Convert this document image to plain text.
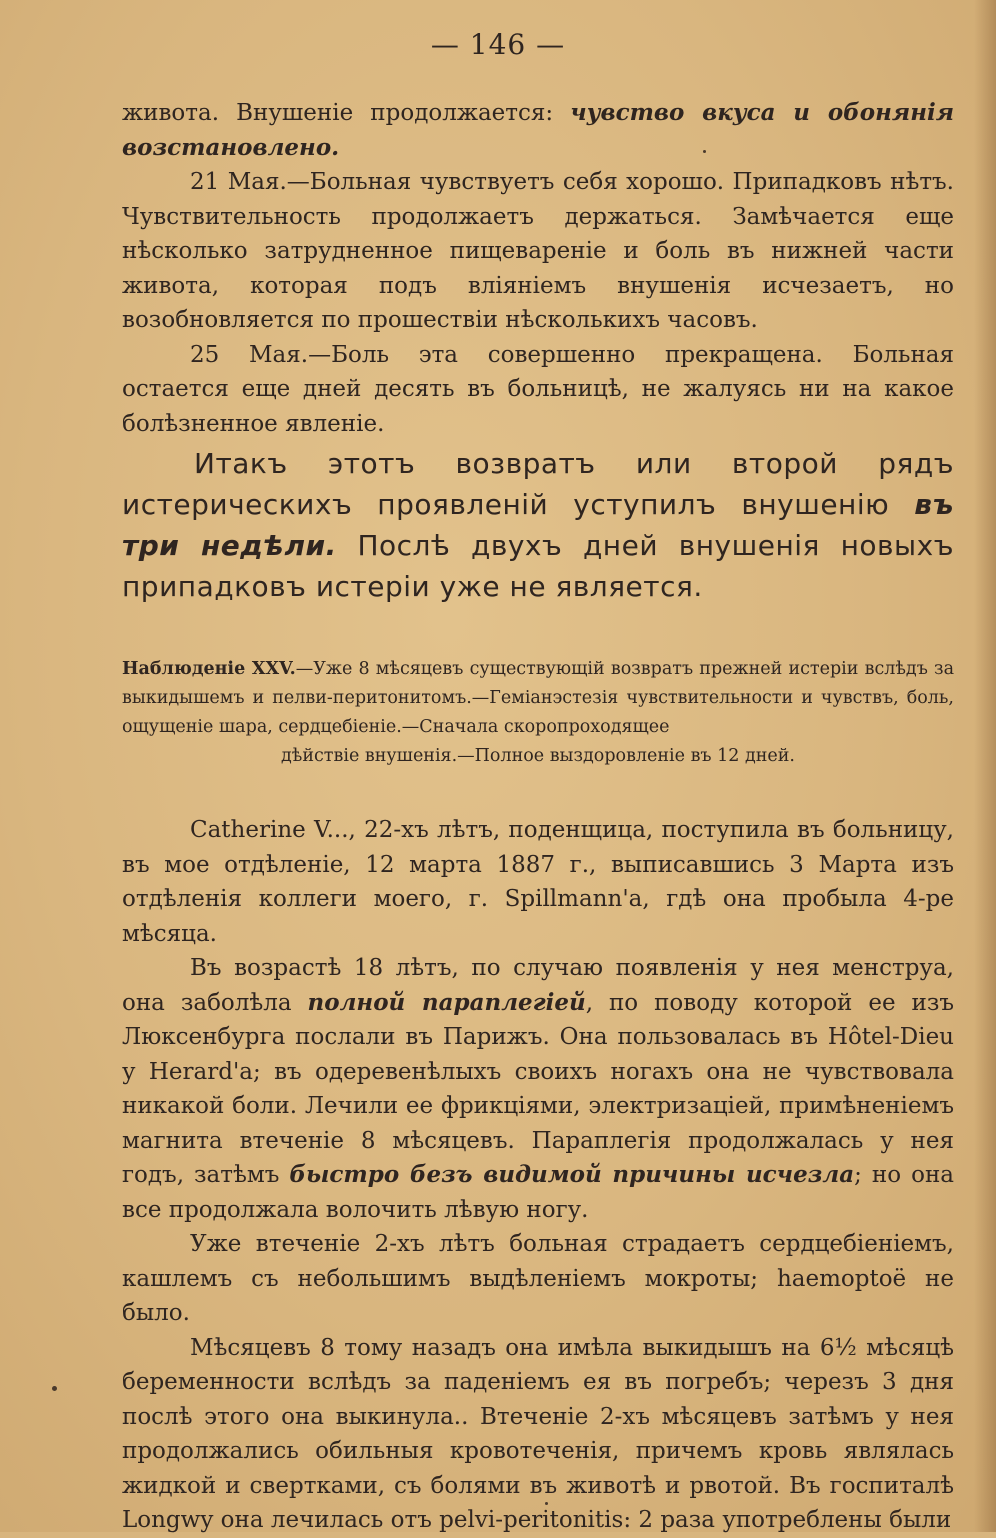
— 146 —

живота. Внушеніе продолжается: чувство вкуса и обонянія возстановлено.

21 Мая.—Больная чувствуетъ себя хорошо. Припадковъ нѣтъ. Чувствительность продолжаетъ держаться. Замѣчается еще нѣсколько затрудненное пищевареніе и боль въ нижней части живота, которая подъ вліяніемъ внушенія исчезаетъ, но возобновляется по прошествіи нѣсколькихъ часовъ.

25 Мая.—Боль эта совершенно прекращена. Больная остается еще дней десять въ больницѣ, не жалуясь ни на какое болѣзненное явленіе.

Итакъ этотъ возвратъ или второй рядъ истерическихъ проявленій уступилъ внушенію въ три недѣли. Послѣ двухъ дней внушенія новыхъ припадковъ истеріи уже не является.

Наблюденіе XXV.—Уже 8 мѣсяцевъ существующій возвратъ прежней истеріи вслѣдъ за выкидышемъ и пелви-перитонитомъ.—Геміанэстезія чувствительности и чувствъ, боль, ощущеніе шара, сердцебіеніе.—Сначала скоропроходящее
дѣйствіе внушенія.—Полное выздоровленіе въ 12 дней.

Catherine V..., 22-хъ лѣтъ, поденщица, поступила въ больницу, въ мое отдѣленіе, 12 марта 1887 г., выписавшись 3 Марта изъ отдѣленія коллеги моего, г. Spillmann'а, гдѣ она пробыла 4-ре мѣсяца.

Въ возрастѣ 18 лѣтъ, по случаю появленія у нея менструа, она заболѣла полной параплегіей, по поводу которой ее изъ Люксенбурга послали въ Парижъ. Она пользовалась въ Hôtel-Dieu у Herard'а; въ одеревенѣлыхъ своихъ ногахъ она не чувствовала никакой боли. Лечили ее фрикціями, электризаціей, примѣненіемъ магнита втеченіе 8 мѣсяцевъ. Параплегія продолжалась у нея годъ, затѣмъ быстро безъ видимой причины исчезла; но она все продолжала волочить лѣвую ногу.

Уже втеченіе 2-хъ лѣтъ больная страдаетъ сердцебіеніемъ, кашлемъ съ небольшимъ выдѣленіемъ мокроты; haemoptoë не было.

Мѣсяцевъ 8 тому назадъ она имѣла выкидышъ на 6½ мѣсяцѣ беременности вслѣдъ за паденіемъ ея въ погребъ; черезъ 3 дня послѣ этого она выкинула.. Втеченіе 2-хъ мѣсяцевъ затѣмъ у нея продолжались обильныя кровотеченія, причемъ кровь являлась жидкой и свертками, съ болями въ животѣ и рвотой. Въ госпиталѣ Longwy она лечилась отъ pelvi-peritonitis: 2 раза употреблены были
